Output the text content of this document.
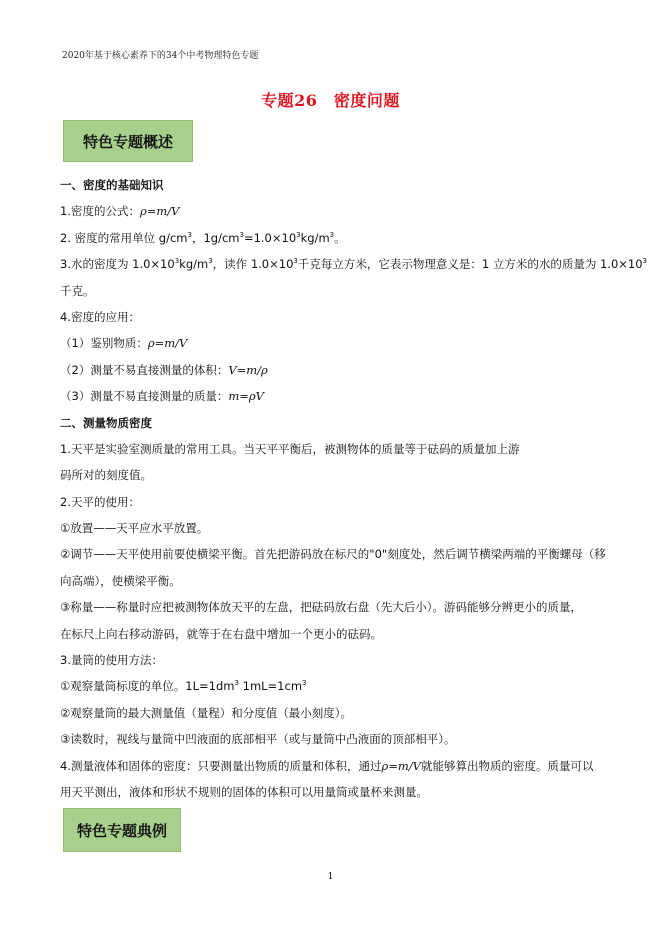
2020年基于核心素养下的34个中考物理特色专题
专题26　密度问题
特色专题概述
一、密度的基础知识
1.密度的公式：ρ=m/V
2. 密度的常用单位 $g/cm^3$，$1g/cm^3=1.0\times 10^3kg/m^3$。
3.水的密度为 $1.0\times 10^3kg/m^3$，读作 $1.0\times 10^3$千克每立方米，它表示物理意义是：1 立方米的水的质量为 $1.0\times 10^3$
千克。
4.密度的应用：
（1）鉴别物质：ρ=m/V
（2）测量不易直接测量的体积：V=m/ρ
（3）测量不易直接测量的质量：m=ρV
二、测量物质密度
1.天平是实验室测质量的常用工具。当天平平衡后，被测物体的质量等于砝码的质量加上游
码所对的刻度值。
2.天平的使用：
①放置——天平应水平放置。
②调节——天平使用前要使横梁平衡。首先把游码放在标尺的"0"刻度处，然后调节横梁两端的平衡螺母（移
向高端），使横梁平衡。
③称量——称量时应把被测物体放天平的左盘，把砝码放右盘（先大后小）。游码能够分辨更小的质量，
在标尺上向右移动游码，就等于在右盘中增加一个更小的砝码。
3.量筒的使用方法：
①观察量筒标度的单位。$1L=1dm^3$ $1mL=1cm^3$
②观察量筒的最大测量值（量程）和分度值（最小刻度）。
③读数时，视线与量筒中凹液面的底部相平（或与量筒中凸液面的顶部相平）。
4.测量液体和固体的密度：只要测量出物质的质量和体积，通过ρ=m/V就能够算出物质的密度。质量可以
用天平测出，液体和形状不规则的固体的体积可以用量筒或量杯来测量。
特色专题典例
1
